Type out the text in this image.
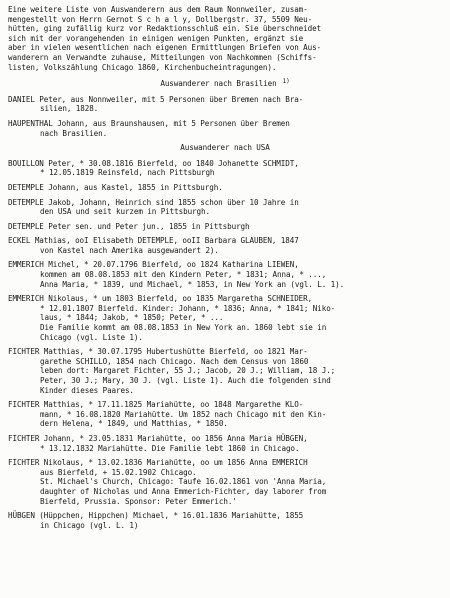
Eine weitere Liste von Auswanderern aus dem Raum Nonnweiler, zusam-
mengestellt von Herrn Gernot S c h a l y, Dollbergstr. 37, 5509 Neu-
hütten, ging zufällig kurz vor Redaktionsschluß ein. Sie überschneidet
sich mit der vorangehenden in einigen wenigen Punkten, ergänzt sie
aber in vielen wesentlichen nach eigenen Ermittlungen Briefen von Aus-
wanderern an Verwandte zuhause, Mitteilungen von Nachkommen (Schiffs-
listen, Volkszählung Chicago 1860, Kirchenbucheintragungen).
Auswanderer nach Brasilien $^{1)}$
DANIEL Peter, aus Nonnweiler, mit 5 Personen über Bremen nach Bra-
silien, 1828.
HAUPENTHAL Johann, aus Braunshausen, mit 5 Personen über Bremen
nach Brasilien.
Auswanderer nach USA
BOUILLON Peter, * 30.08.1816 Bierfeld, oo 1840 Johanette SCHMIDT,
* 12.05.1819 Reinsfeld, nach Pittsburgh
DETEMPLE Johann, aus Kastel, 1855 in Pittsburgh.
DETEMPLE Jakob, Johann, Heinrich sind 1855 schon über 10 Jahre in
den USA und seit kurzem in Pittsburgh.
DETEMPLE Peter sen. und Peter jun., 1855 in Pittsburgh
ECKEL Mathias, ooI Elisabeth DETEMPLE, ooII Barbara GLAUBEN, 1847
von Kastel nach Amerika ausgewandert 2).
EMMERICH Michel, * 20.07.1796 Bierfeld, oo 1824 Katharina LIEWEN,
kommen am 08.08.1853 mit den Kindern Peter, * 1831; Anna, * ...,
Anna Maria, * 1839, und Michael, * 1853, in New York an (vgl. L. 1).
EMMERICH Nikolaus, * um 1803 Bierfeld, oo 1835 Margaretha SCHNEIDER,
* 12.01.1807 Bierfeld. Kinder: Johann, * 1836; Anna, * 1841; Niko-
laus, * 1844; Jakob, * 1850; Peter, * ...
Die Familie kommt am 08.08.1853 in New York an. 1860 lebt sie in
Chicago (vgl. Liste 1).
FICHTER Matthias, * 30.07.1795 Hubertushütte Bierfeld, oo 1821 Mar-
garethe SCHILLO, 1854 nach Chicago. Nach dem Census von 1860
leben dort: Margaret Fichter, 55 J.; Jacob, 20 J.; William, 18 J.;
Peter, 30 J.; Mary, 30 J. (vgl. Liste 1). Auch die folgenden sind
Kinder dieses Paares.
FICHTER Matthias, * 17.11.1825 Mariahütte, oo 1848 Margarethe KLO-
mann, * 16.08.1820 Mariahütte. Um 1852 nach Chicago mit den Kin-
dern Helena, * 1849, und Matthias, * 1850.
FICHTER Johann, * 23.05.1831 Mariahütte, oo 1856 Anna Maria HÜBGEN,
* 13.12.1832 Mariahütte. Die Familie lebt 1860 in Chicago.
FICHTER Nikolaus, * 13.02.1836 Mariahütte, oo um 1856 Anna EMMERICH
aus Bierfeld, + 15.02.1902 Chicago.
St. Michael's Church, Chicago: Taufe 16.02.1861 von 'Anna Maria,
daughter of Nicholas und Anna Emmerich-Fichter, day laborer from
Bierfeld, Prussia. Sponsor: Peter Emmerich.'
HÜBGEN (Hüppchen, Hippchen) Michael, * 16.01.1836 Mariahütte, 1855
in Chicago (vgl. L. 1)
